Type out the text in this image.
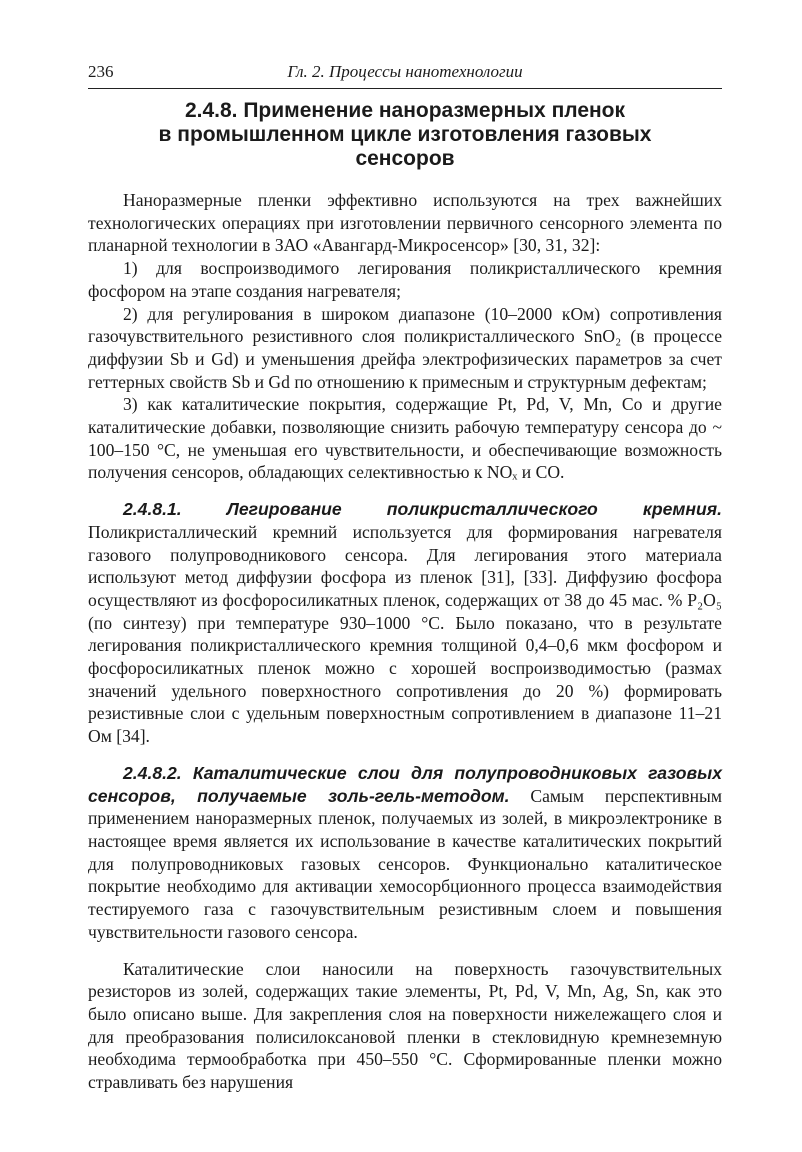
236	Гл. 2. Процессы нанотехнологии
2.4.8. Применение наноразмерных пленок
в промышленном цикле изготовления газовых
сенсоров

Наноразмерные пленки эффективно используются на трех важнейших технологических операциях при изготовлении первичного сенсорного элемента по планарной технологии в ЗАО «Авангард-Микросенсор» [30, 31, 32]:

1) для воспроизводимого легирования поликристаллического кремния фосфором на этапе создания нагревателя;

2) для регулирования в широком диапазоне (10–2000 кОм) сопротивления газочувствительного резистивного слоя поликристаллического SnO₂ (в процессе диффузии Sb и Gd) и уменьшения дрейфа электрофизических параметров за счет геттерных свойств Sb и Gd по отношению к примесным и структурным дефектам;

3) как каталитические покрытия, содержащие Pt, Pd, V, Mn, Co и другие каталитические добавки, позволяющие снизить рабочую температуру сенсора до ~ 100–150 °C, не уменьшая его чувствительности, и обеспечивающие возможность получения сенсоров, обладающих селективностью к NOₓ и CO.

2.4.8.1. Легирование поликристаллического кремния. Поликристаллический кремний используется для формирования нагревателя газового полупроводникового сенсора. Для легирования этого материала используют метод диффузии фосфора из пленок [31], [33]. Диффузию фосфора осуществляют из фосфоросиликатных пленок, содержащих от 38 до 45 мас. % P₂O₅ (по синтезу) при температуре 930–1000 °C. Было показано, что в результате легирования поликристаллического кремния толщиной 0,4–0,6 мкм фосфором и фосфоросиликатных пленок можно с хорошей воспроизводимостью (размах значений удельного поверхностного сопротивления до 20 %) формировать резистивные слои с удельным поверхностным сопротивлением в диапазоне 11–21 Ом [34].

2.4.8.2. Каталитические слои для полупроводниковых газовых сенсоров, получаемые золь-гель-методом. Самым перспективным применением наноразмерных пленок, получаемых из золей, в микроэлектронике в настоящее время является их использование в качестве каталитических покрытий для полупроводниковых газовых сенсоров. Функционально каталитическое покрытие необходимо для активации хемосорбционного процесса взаимодействия тестируемого газа с газочувствительным резистивным слоем и повышения чувствительности газового сенсора.

Каталитические слои наносили на поверхность газочувствительных резисторов из золей, содержащих такие элементы, Pt, Pd, V, Mn, Ag, Sn, как это было описано выше. Для закрепления слоя на поверхности нижележащего слоя и для преобразования полисилоксановой пленки в стекловидную кремнеземную необходима термообработка при 450–550 °C. Сформированные пленки можно стравливать без нарушения
